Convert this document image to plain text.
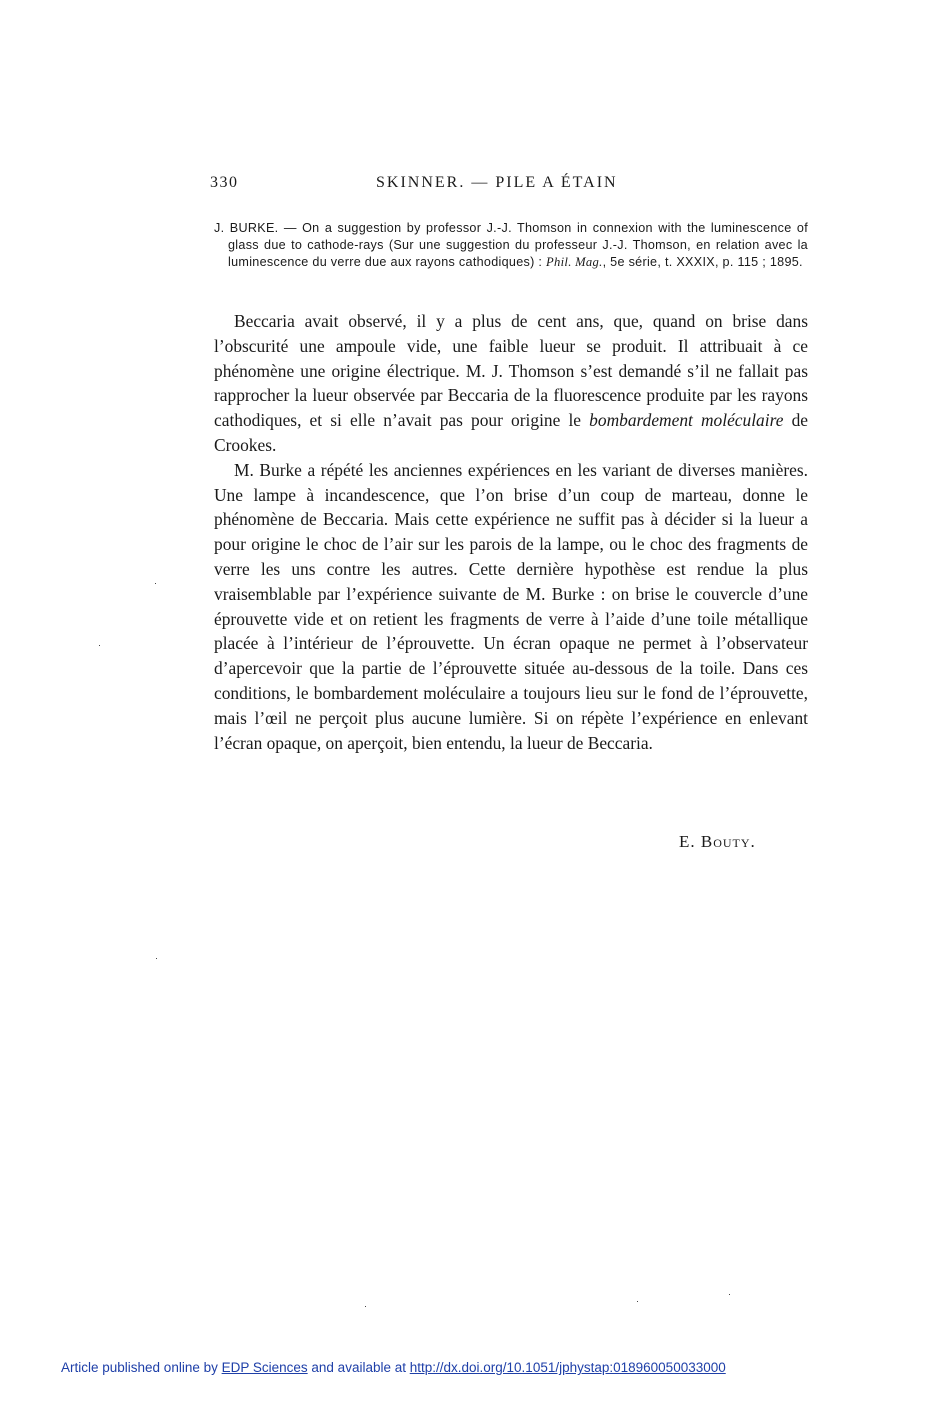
330	SKINNER. — PILE A ÉTAIN
J. BURKE. — On a suggestion by professor J.-J. Thomson in connexion with the luminescence of glass due to cathode-rays (Sur une suggestion du professeur J.-J. Thomson, en relation avec la luminescence du verre due aux rayons cathodiques) : Phil. Mag., 5e série, t. XXXIX, p. 115 ; 1895.

Beccaria avait observé, il y a plus de cent ans, que, quand on brise dans l’obscurité une ampoule vide, une faible lueur se produit. Il attribuait à ce phénomène une origine électrique. M. J. Thomson s’est demandé s’il ne fallait pas rapprocher la lueur observée par Beccaria de la fluorescence produite par les rayons cathodiques, et si elle n’avait pas pour origine le bombardement moléculaire de Crookes.

M. Burke a répété les anciennes expériences en les variant de diverses manières. Une lampe à incandescence, que l’on brise d’un coup de marteau, donne le phénomène de Beccaria. Mais cette expérience ne suffit pas à décider si la lueur a pour origine le choc de l’air sur les parois de la lampe, ou le choc des fragments de verre les uns contre les autres. Cette dernière hypothèse est rendue la plus vraisemblable par l’expérience suivante de M. Burke : on brise le couvercle d’une éprouvette vide et on retient les fragments de verre à l’aide d’une toile métallique placée à l’intérieur de l’éprouvette. Un écran opaque ne permet à l’observateur d’apercevoir que la partie de l’éprouvette située au-dessous de la toile. Dans ces conditions, le bombardement moléculaire a toujours lieu sur le fond de l’éprouvette, mais l’œil ne perçoit plus aucune lumière. Si on répète l’expérience en enlevant l’écran opaque, on aperçoit, bien entendu, la lueur de Beccaria.

E. Bouty.
Article published online by EDP Sciences and available at http://dx.doi.org/10.1051/jphystap:018960050033000
